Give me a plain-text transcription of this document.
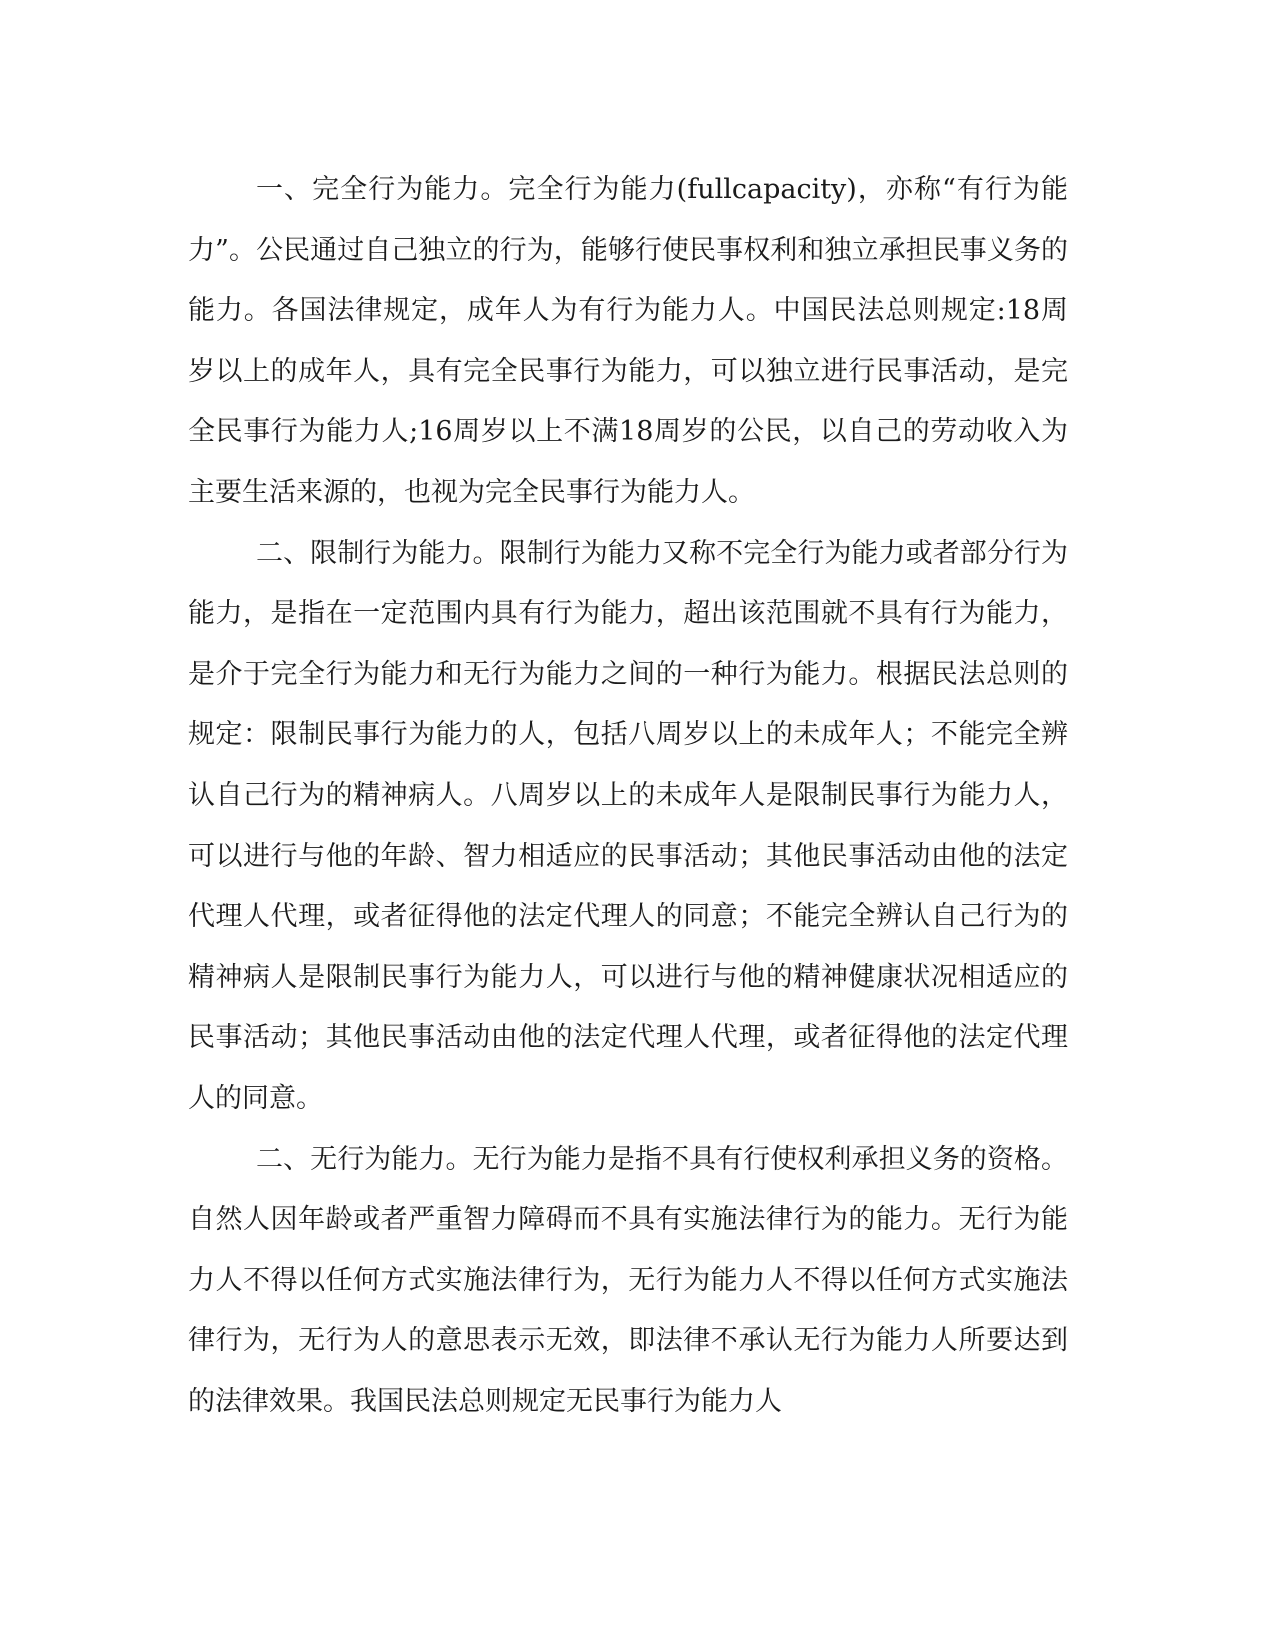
一、完全行为能力。完全行为能力(fullcapacity)，亦称“有行为能力”。公民通过自己独立的行为，能够行使民事权利和独立承担民事义务的能力。各国法律规定，成年人为有行为能力人。中国民法总则规定:18周岁以上的成年人，具有完全民事行为能力，可以独立进行民事活动，是完全民事行为能力人;16周岁以上不满18周岁的公民，以自己的劳动收入为主要生活来源的，也视为完全民事行为能力人。

二、限制行为能力。限制行为能力又称不完全行为能力或者部分行为能力，是指在一定范围内具有行为能力，超出该范围就不具有行为能力，是介于完全行为能力和无行为能力之间的一种行为能力。根据民法总则的规定：限制民事行为能力的人，包括八周岁以上的未成年人；不能完全辨认自己行为的精神病人。八周岁以上的未成年人是限制民事行为能力人，可以进行与他的年龄、智力相适应的民事活动；其他民事活动由他的法定代理人代理，或者征得他的法定代理人的同意；不能完全辨认自己行为的精神病人是限制民事行为能力人，可以进行与他的精神健康状况相适应的民事活动；其他民事活动由他的法定代理人代理，或者征得他的法定代理人的同意。

二、无行为能力。无行为能力是指不具有行使权利承担义务的资格。自然人因年龄或者严重智力障碍而不具有实施法律行为的能力。无行为能力人不得以任何方式实施法律行为，无行为能力人不得以任何方式实施法律行为，无行为人的意思表示无效，即法律不承认无行为能力人所要达到的法律效果。我国民法总则规定无民事行为能力人
